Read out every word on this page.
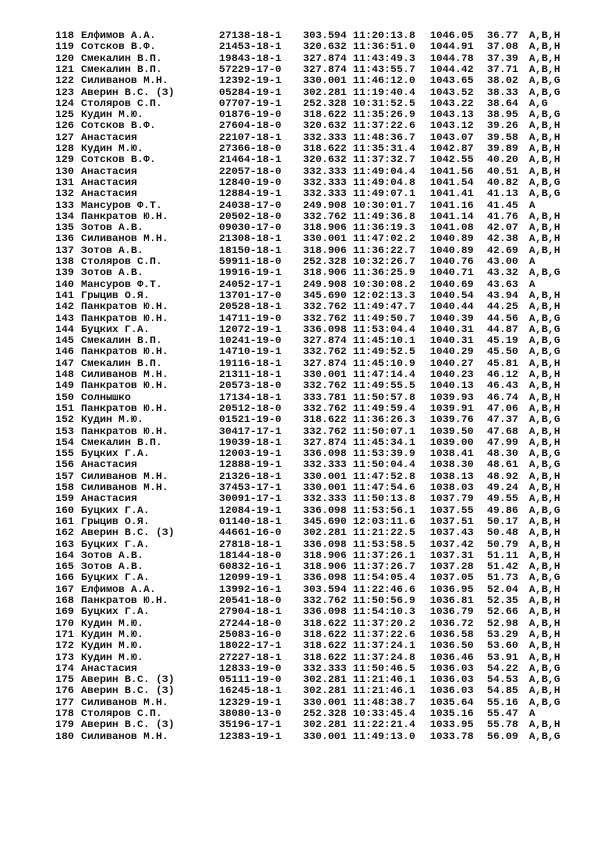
118 Елфимов А.А.	27138-18-1 303.594 11:20:13.8 1046.05 36.77 A,B,H
119 Сотсков В.Ф.	21453-18-1 320.632 11:36:51.0 1044.91 37.08 A,B,H
120 Смекалин В.П.	19843-18-1 327.874 11:43:49.3 1044.78 37.39 A,B,H
121 Смекалин В.П.	57229-17-0 327.874 11:43:55.7 1044.42 37.71 A,B,H
122 Силиванов М.Н.	12392-19-1 330.001 11:46:12.0 1043.65 38.02 A,B,G
123 Аверин В.С. (З)	05284-19-1 302.281 11:19:40.4 1043.52 38.33 A,B,G
124 Столяров С.П.	07707-19-1 252.328 10:31:52.5 1043.22 38.64 A,G
125 Кудин М.Ю.	01876-19-0 318.622 11:35:26.9 1043.13 38.95 A,B,G
126 Сотсков В.Ф.	27604-18-0 320.632 11:37:22.6 1043.12 39.26 A,B,H
127 Анастасия	22107-18-1 332.333 11:48:36.7 1043.07 39.58 A,B,H
128 Кудин М.Ю.	27366-18-0 318.622 11:35:31.4 1042.87 39.89 A,B,H
129 Сотсков В.Ф.	21464-18-1 320.632 11:37:32.7 1042.55 40.20 A,B,H
130 Анастасия	22057-18-0 332.333 11:49:04.4 1041.56 40.51 A,B,H
131 Анастасия	12840-19-0 332.333 11:49:04.8 1041.54 40.82 A,B,G
132 Анастасия	12884-19-1 332.333 11:49:07.1 1041.41 41.13 A,B,G
133 Мансуров Ф.Т.	24038-17-0 249.908 10:30:01.7 1041.16 41.45 A
134 Панкратов Ю.Н.	20502-18-0 332.762 11:49:36.8 1041.14 41.76 A,B,H
135 Зотов А.В.	09030-17-0 318.906 11:36:19.3 1041.08 42.07 A,B,H
136 Силиванов М.Н.	21308-18-1 330.001 11:47:02.2 1040.89 42.38 A,B,H
137 Зотов А.В.	18150-18-1 318.906 11:36:22.7 1040.89 42.69 A,B,H
138 Столяров С.П.	59911-18-0 252.328 10:32:26.7 1040.76 43.00 A
139 Зотов А.В.	19916-19-1 318.906 11:36:25.9 1040.71 43.32 A,B,G
140 Мансуров Ф.Т.	24052-17-1 249.908 10:30:08.2 1040.69 43.63 A
141 Грыцив О.Я.	13701-17-0 345.690 12:02:13.3 1040.54 43.94 A,B,H
142 Панкратов Ю.Н.	20528-18-1 332.762 11:49:47.7 1040.44 44.25 A,B,H
143 Панкратов Ю.Н.	14711-19-0 332.762 11:49:50.7 1040.39 44.56 A,B,G
144 Буцких Г.А.	12072-19-1 336.098 11:53:04.4 1040.31 44.87 A,B,G
145 Смекалин В.П.	10241-19-0 327.874 11:45:10.1 1040.31 45.19 A,B,G
146 Панкратов Ю.Н.	14710-19-1 332.762 11:49:52.5 1040.29 45.50 A,B,G
147 Смекалин В.П.	19116-18-1 327.874 11:45:10.9 1040.27 45.81 A,B,H
148 Силиванов М.Н.	21311-18-1 330.001 11:47:14.4 1040.23 46.12 A,B,H
149 Панкратов Ю.Н.	20573-18-0 332.762 11:49:55.5 1040.13 46.43 A,B,H
150 Солнышко	17134-18-1 333.781 11:50:57.8 1039.93 46.74 A,B,H
151 Панкратов Ю.Н.	20512-18-0 332.762 11:49:59.4 1039.91 47.06 A,B,H
152 Кудин М.Ю.	01521-19-0 318.622 11:36:26.3 1039.76 47.37 A,B,G
153 Панкратов Ю.Н.	30417-17-1 332.762 11:50:07.1 1039.50 47.68 A,B,H
154 Смекалин В.П.	19039-18-1 327.874 11:45:34.1 1039.00 47.99 A,B,H
155 Буцких Г.А.	12003-19-1 336.098 11:53:39.9 1038.41 48.30 A,B,G
156 Анастасия	12888-19-1 332.333 11:50:04.4 1038.30 48.61 A,B,G
157 Силиванов М.Н.	21326-18-1 330.001 11:47:52.8 1038.13 48.92 A,B,H
158 Силиванов М.Н.	37453-17-1 330.001 11:47:54.6 1038.03 49.24 A,B,H
159 Анастасия	30091-17-1 332.333 11:50:13.8 1037.79 49.55 A,B,H
160 Буцких Г.А.	12084-19-1 336.098 11:53:56.1 1037.55 49.86 A,B,G
161 Грыцив О.Я.	01140-18-1 345.690 12:03:11.6 1037.51 50.17 A,B,H
162 Аверин В.С. (З)	44661-16-0 302.281 11:21:22.5 1037.43 50.48 A,B,H
163 Буцких Г.А.	27818-18-1 336.098 11:53:58.5 1037.42 50.79 A,B,H
164 Зотов А.В.	18144-18-0 318.906 11:37:26.1 1037.31 51.11 A,B,H
165 Зотов А.В.	60832-16-1 318.906 11:37:26.7 1037.28 51.42 A,B,H
166 Буцких Г.А.	12099-19-1 336.098 11:54:05.4 1037.05 51.73 A,B,G
167 Елфимов А.А.	13992-16-1 303.594 11:22:46.6 1036.95 52.04 A,B,H
168 Панкратов Ю.Н.	20541-18-0 332.762 11:50:56.9 1036.81 52.35 A,B,H
169 Буцких Г.А.	27904-18-1 336.098 11:54:10.3 1036.79 52.66 A,B,H
170 Кудин М.Ю.	27244-18-0 318.622 11:37:20.2 1036.72 52.98 A,B,H
171 Кудин М.Ю.	25083-16-0 318.622 11:37:22.6 1036.58 53.29 A,B,H
172 Кудин М.Ю.	18022-17-1 318.622 11:37:24.1 1036.50 53.60 A,B,H
173 Кудин М.Ю.	27227-18-1 318.622 11:37:24.8 1036.46 53.91 A,B,H
174 Анастасия	12833-19-0 332.333 11:50:46.5 1036.03 54.22 A,B,G
175 Аверин В.С. (З)	05111-19-0 302.281 11:21:46.1 1036.03 54.53 A,B,G
176 Аверин В.С. (З)	16245-18-1 302.281 11:21:46.1 1036.03 54.85 A,B,H
177 Силиванов М.Н.	12329-19-1 330.001 11:48:38.7 1035.64 55.16 A,B,G
178 Столяров С.П.	38080-13-0 252.328 10:33:45.4 1035.16 55.47 A
179 Аверин В.С. (З)	35196-17-1 302.281 11:22:21.4 1033.95 55.78 A,B,H
180 Силиванов М.Н.	12383-19-1 330.001 11:49:13.0 1033.78 56.09 A,B,G
